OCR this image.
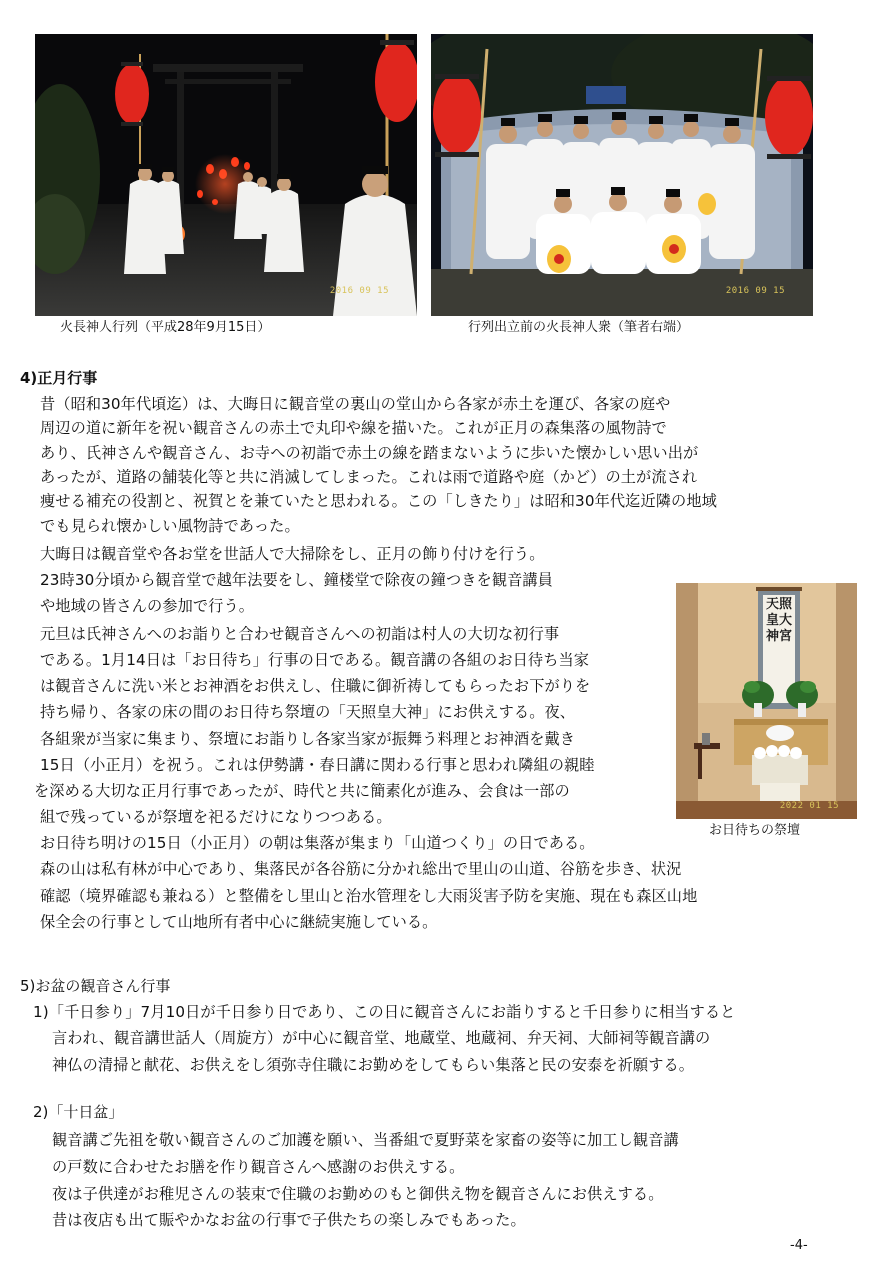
2016 09 15	2016 09 15
火長神人行列（平成28年9月15日）	行列出立前の火長神人衆（筆者右端）
4)正月行事
昔（昭和30年代頃迄）は、大晦日に観音堂の裏山の堂山から各家が赤土を運び、各家の庭や
周辺の道に新年を祝い観音さんの赤土で丸印や線を描いた。これが正月の森集落の風物詩で
あり、氏神さんや観音さん、お寺への初詣で赤土の線を踏まないように歩いた懐かしい思い出が
あったが、道路の舗装化等と共に消滅してしまった。これは雨で道路や庭（かど）の土が流され
痩せる補充の役割と、祝賀とを兼ていたと思われる。この「しきたり」は昭和30年代迄近隣の地域
でも見られ懐かしい風物詩であった。
大晦日は観音堂や各お堂を世話人で大掃除をし、正月の飾り付けを行う。
23時30分頃から観音堂で越年法要をし、鐘楼堂で除夜の鐘つきを観音講員
や地域の皆さんの参加で行う。
元旦は氏神さんへのお詣りと合わせ観音さんへの初詣は村人の大切な初行事
である。1月14日は「お日待ち」行事の日である。観音講の各組のお日待ち当家
は観音さんに洗い米とお神酒をお供えし、住職に御祈祷してもらったお下がりを
持ち帰り、各家の床の間のお日待ち祭壇の「天照皇大神」にお供えする。夜、
各組衆が当家に集まり、祭壇にお詣りし各家当家が振舞う料理とお神酒を戴き
15日（小正月）を祝う。これは伊勢講・春日講に関わる行事と思われ隣組の親睦
を深める大切な正月行事であったが、時代と共に簡素化が進み、会食は一部の
組で残っているが祭壇を祀るだけになりつつある。
お日待ち明けの15日（小正月）の朝は集落が集まり「山道つくり」の日である。
森の山は私有林が中心であり、集落民が各谷筋に分かれ総出で里山の山道、谷筋を歩き、状況
確認（境界確認も兼ねる）と整備をし里山と治水管理をし大雨災害予防を実施、現在も森区山地
保全会の行事として山地所有者中心に継続実施している。
天照皇大神宮
2022 01 15
お日待ちの祭壇
5)お盆の観音さん行事
1)「千日参り」7月10日が千日参り日であり、この日に観音さんにお詣りすると千日参りに相当すると
言われ、観音講世話人（周旋方）が中心に観音堂、地蔵堂、地蔵祠、弁天祠、大師祠等観音講の
神仏の清掃と献花、お供えをし須弥寺住職にお勤めをしてもらい集落と民の安泰を祈願する。
2)「十日盆」
観音講ご先祖を敬い観音さんのご加護を願い、当番組で夏野菜を家畜の姿等に加工し観音講
の戸数に合わせたお膳を作り観音さんへ感謝のお供えする。
夜は子供達がお稚児さんの装束で住職のお勤めのもと御供え物を観音さんにお供えする。
昔は夜店も出て賑やかなお盆の行事で子供たちの楽しみでもあった。
-4-
